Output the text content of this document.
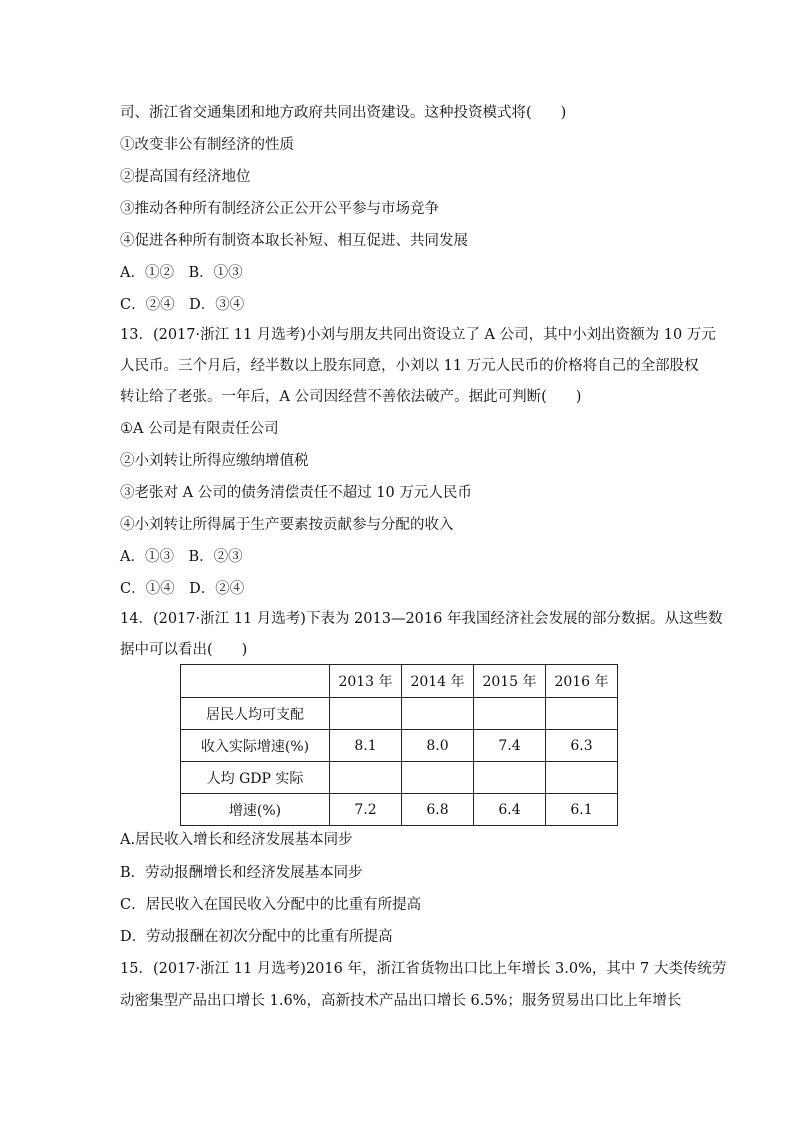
司、浙江省交通集团和地方政府共同出资建设。这种投资模式将(　　)
①改变非公有制经济的性质
②提高国有经济地位
③推动各种所有制经济公正公开公平参与市场竞争
④促进各种所有制资本取长补短、相互促进、共同发展
A．①②　B．①③
C．②④　D．③④
13．(2017·浙江 11 月选考)小刘与朋友共同出资设立了 A 公司，其中小刘出资额为 10 万元
人民币。三个月后，经半数以上股东同意，小刘以 11 万元人民币的价格将自己的全部股权
转让给了老张。一年后，A 公司因经营不善依法破产。据此可判断(　　)
①A 公司是有限责任公司
②小刘转让所得应缴纳增值税
③老张对 A 公司的债务清偿责任不超过 10 万元人民币
④小刘转让所得属于生产要素按贡献参与分配的收入
A．①③　B．②③
C．①④　D．②④
14．(2017·浙江 11 月选考)下表为 2013—2016 年我国经济社会发展的部分数据。从这些数
据中可以看出(　　)
	2013 年	2014 年	2015 年	2016 年
居民人均可支配				
收入实际增速(%)	8.1	8.0	7.4	6.3
人均 GDP 实际				
增速(%)	7.2	6.8	6.4	6.1
A.居民收入增长和经济发展基本同步
B．劳动报酬增长和经济发展基本同步
C．居民收入在国民收入分配中的比重有所提高
D．劳动报酬在初次分配中的比重有所提高
15．(2017·浙江 11 月选考)2016 年，浙江省货物出口比上年增长 3.0%，其中 7 大类传统劳
动密集型产品出口增长 1.6%，高新技术产品出口增长 6.5%；服务贸易出口比上年增长
